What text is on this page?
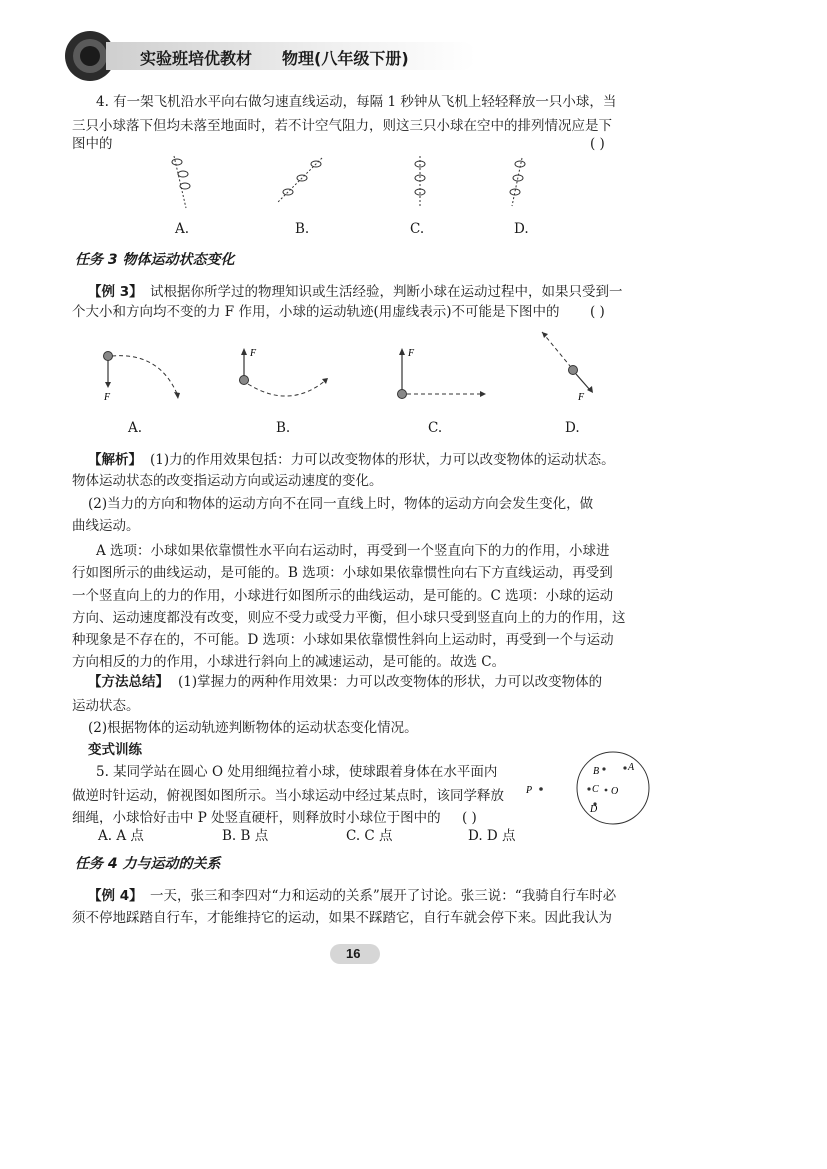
实验班培优教材 物理(八年级下册)

4. 有一架飞机沿水平向右做匀速直线运动，每隔 1 秒钟从飞机上轻轻释放一只小球，当

三只小球落下但均未落至地面时，若不计空气阻力，则这三只小球在空中的排列情况应是下

图中的	( )
A.	B.	C.	D.
任务 3 物体运动状态变化
【例 3】 试根据你所学过的物理知识或生活经验，判断小球在运动过程中，如果只受到一

个大小和方向均不变的力 F 作用，小球的运动轨迹(用虚线表示)不可能是下图中的 ( )
F
F	F
F
A.	B.	C.	D.
【解析】 (1)力的作用效果包括：力可以改变物体的形状，力可以改变物体的运动状态。

物体运动状态的改变指运动方向或运动速度的变化。

(2)当力的方向和物体的运动方向不在同一直线上时，物体的运动方向会发生变化，做

曲线运动。

A 选项：小球如果依靠惯性水平向右运动时，再受到一个竖直向下的力的作用，小球进

行如图所示的曲线运动，是可能的。B 选项：小球如果依靠惯性向右下方直线运动，再受到

一个竖直向上的力的作用，小球进行如图所示的曲线运动，是可能的。C 选项：小球的运动

方向、运动速度都没有改变，则应不受力或受力平衡，但小球只受到竖直向上的力的作用，这

种现象是不存在的，不可能。D 选项：小球如果依靠惯性斜向上运动时，再受到一个与运动

方向相反的力的作用，小球进行斜向上的减速运动，是可能的。故选 C。

【方法总结】 (1)掌握力的两种作用效果：力可以改变物体的形状，力可以改变物体的

运动状态。

(2)根据物体的运动轨迹判断物体的运动状态变化情况。

变式训练

5. 某同学站在圆心 O 处用细绳拉着小球，使球跟着身体在水平面内

做逆时针运动，俯视图如图所示。当小球运动中经过某点时，该同学释放

细绳，小球恰好击中 P 处竖直硬杆，则释放时小球位于图中的 ( )
A. A 点	B. B 点	C. C 点	D. D 点
A
B
C
D
O
P
任务 4 力与运动的关系
【例 4】 一天，张三和李四对“力和运动的关系”展开了讨论。张三说：“我骑自行车时必

须不停地踩踏自行车，才能维持它的运动，如果不踩踏它，自行车就会停下来。因此我认为

16
